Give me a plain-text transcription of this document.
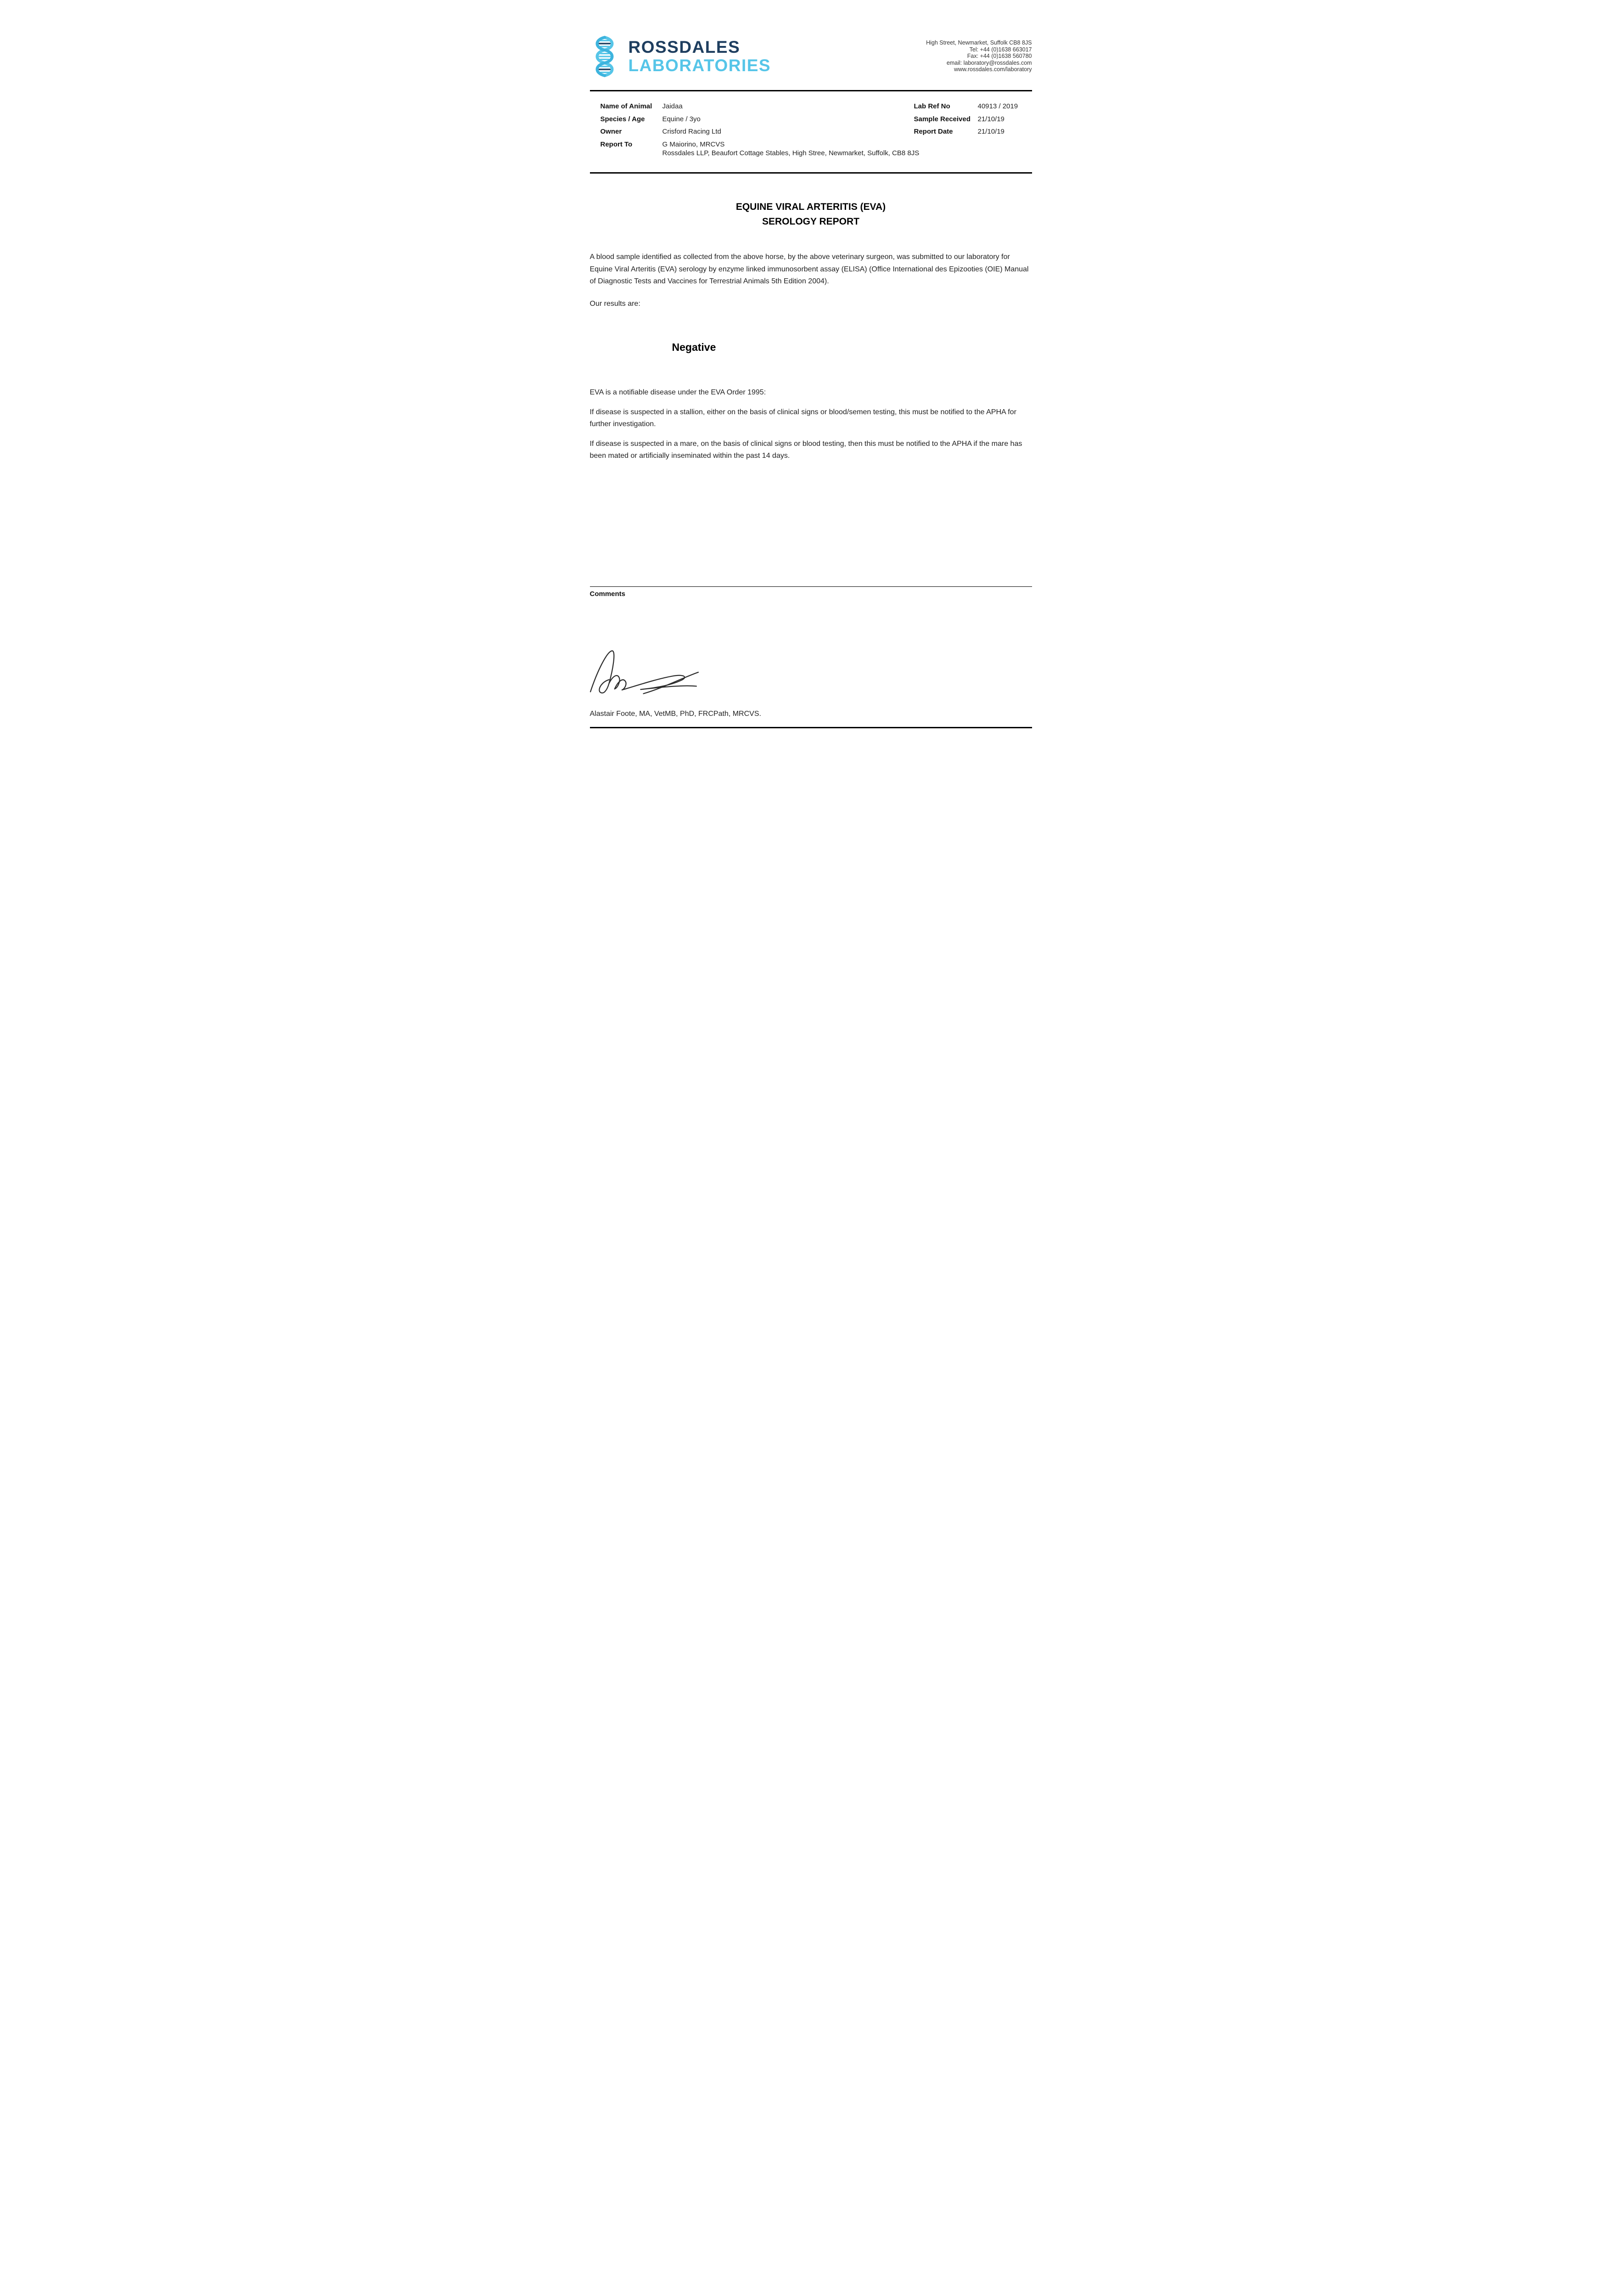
ROSSDALES
LABORATORIES
High Street, Newmarket, Suffolk CB8 8JS
Tel: +44 (0)1638 663017
Fax: +44 (0)1638 560780
email: laboratory@rossdales.com
www.rossdales.com/laboratory
Name of Animal	Jaidaa
Species / Age	Equine / 3yo
Owner	Crisford Racing Ltd
Report To	G Maiorino, MRCVS
Rossdales LLP, Beaufort Cottage Stables, High Stree, Newmarket, Suffolk, CB8 8JS
Lab Ref No	40913 / 2019
Sample Received	21/10/19
Report Date	21/10/19
EQUINE VIRAL ARTERITIS (EVA)
SEROLOGY REPORT

A blood sample identified as collected from the above horse, by the above veterinary surgeon, was submitted to our laboratory for Equine Viral Arteritis (EVA) serology by enzyme linked immunosorbent assay (ELISA) (Office International des Epizooties (OIE) Manual of Diagnostic Tests and Vaccines for Terrestrial Animals 5th Edition 2004).

Our results are:

Negative

EVA is a notifiable disease under the EVA Order 1995:

If disease is suspected in a stallion, either on the basis of clinical signs or blood/semen testing, this must be notified to the APHA for further investigation.

If disease is suspected in a mare, on the basis of clinical signs or blood testing, then this must be notified to the APHA if the mare has been mated or artificially inseminated within the past 14 days.

Comments
Alastair Foote, MA, VetMB, PhD, FRCPath, MRCVS.
